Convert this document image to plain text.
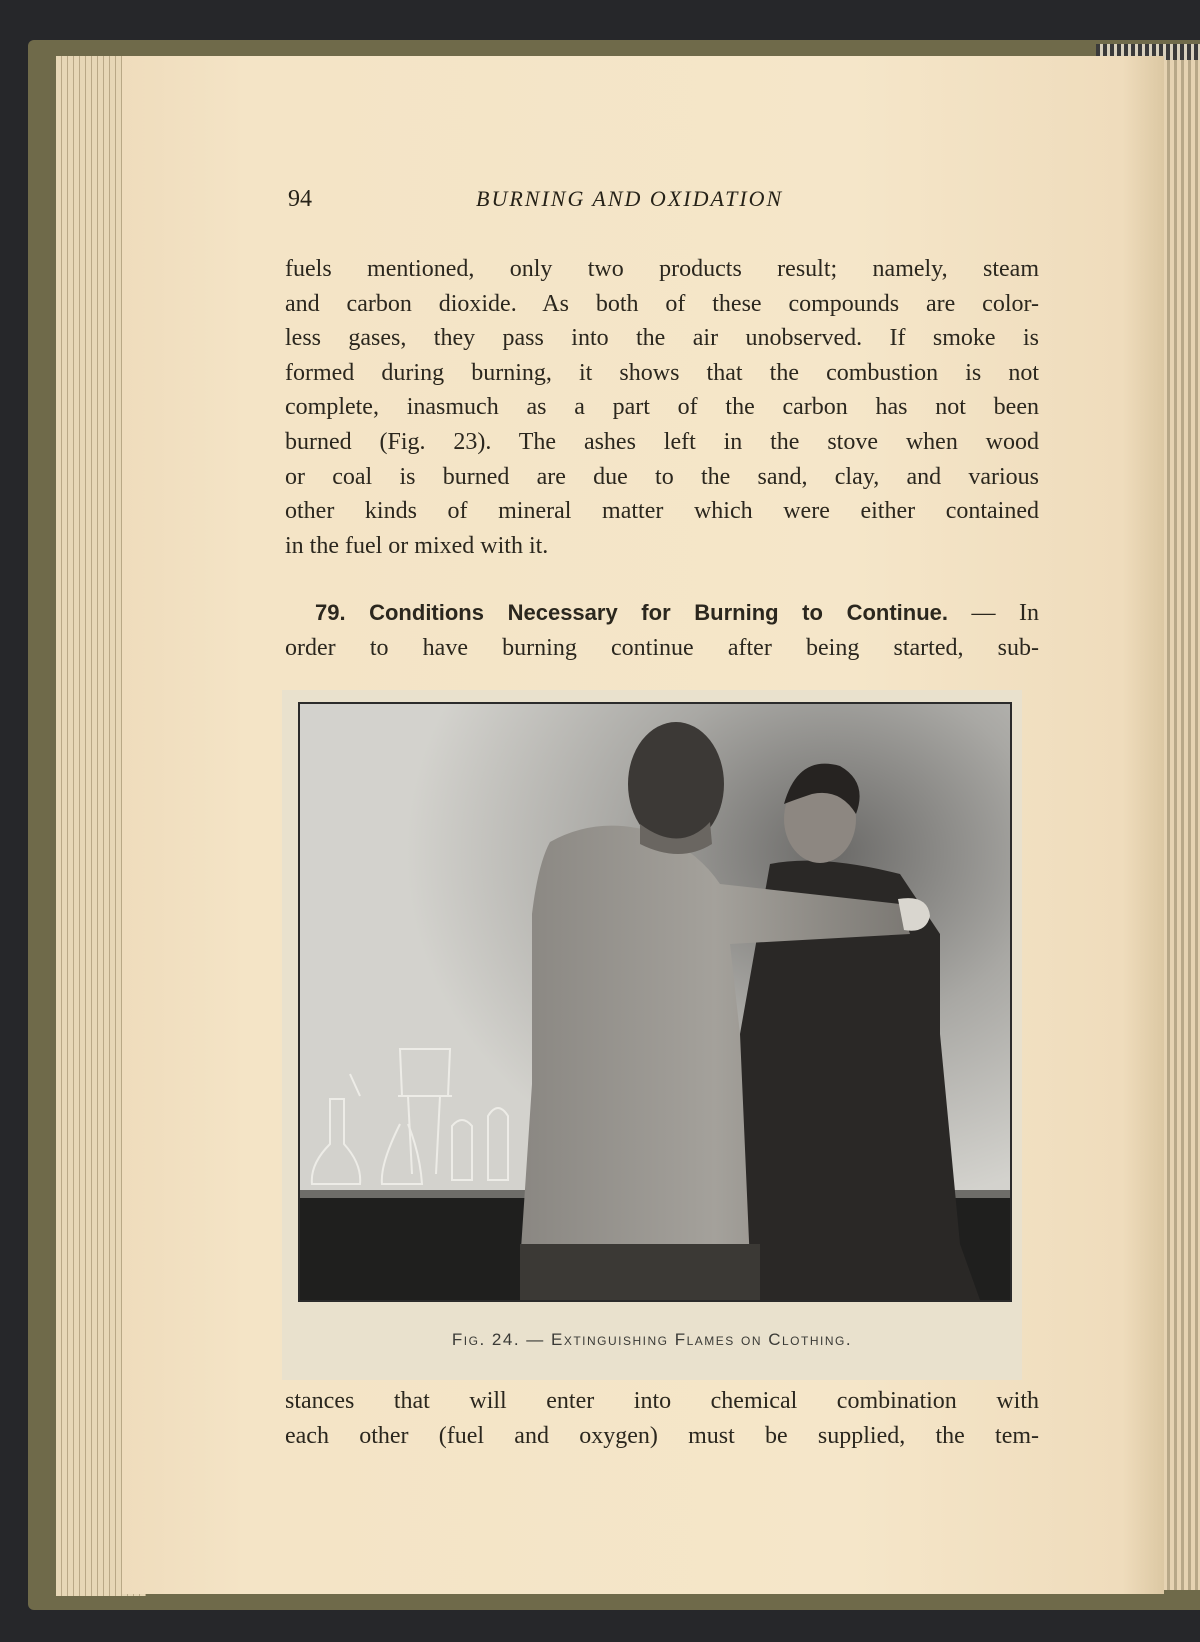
94	BURNING AND OXIDATION
fuels mentioned, only two products result; namely, steam
and carbon dioxide. As both of these compounds are color-
less gases, they pass into the air unobserved. If smoke is
formed during burning, it shows that the combustion is not
complete, inasmuch as a part of the carbon has not been
burned (Fig. 23). The ashes left in the stove when wood
or coal is burned are due to the sand, clay, and various
other kinds of mineral matter which were either contained
in the fuel or mixed with it.
79. Conditions Necessary for Burning to Continue. — In
order to have burning continue after being started, sub-
Fig. 24. — Extinguishing Flames on Clothing.
stances that will enter into chemical combination with
each other (fuel and oxygen) must be supplied, the tem-
